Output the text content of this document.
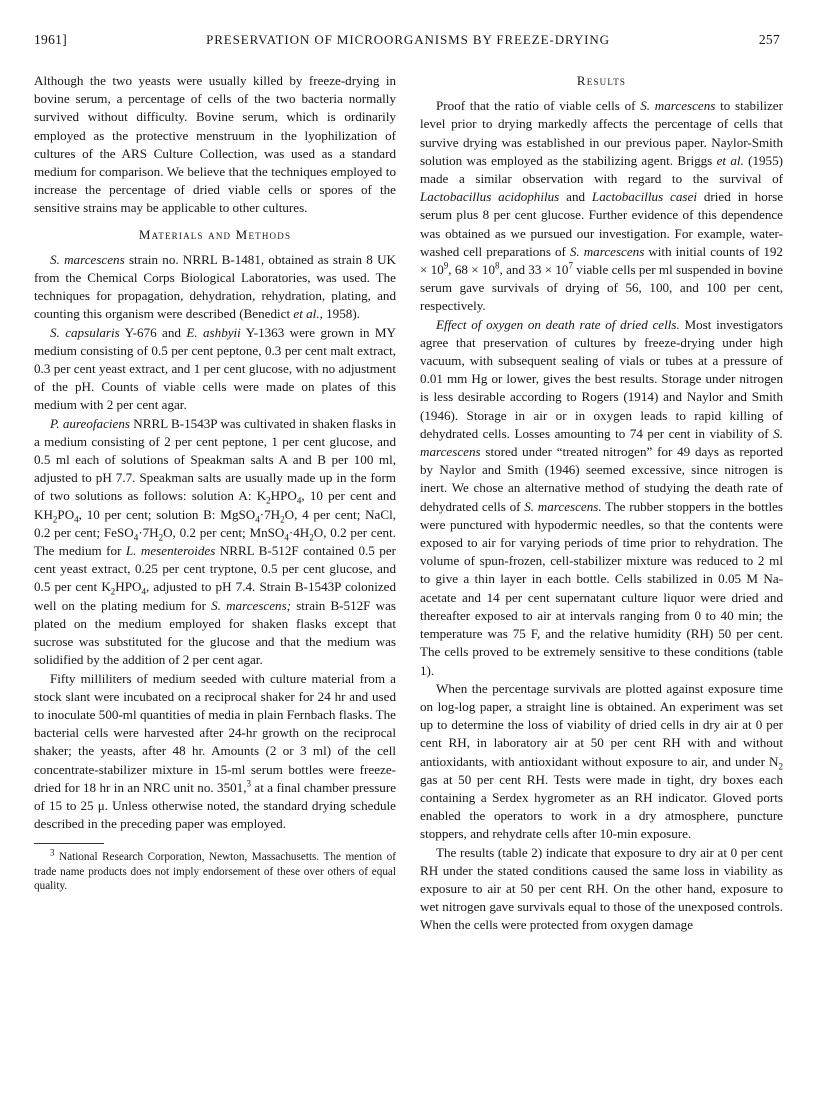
1961]	PRESERVATION OF MICROORGANISMS BY FREEZE-DRYING	257

Although the two yeasts were usually killed by freeze-drying in bovine serum, a percentage of cells of the two bacteria normally survived without difficulty. Bovine serum, which is ordinarily employed as the protective menstruum in the lyophilization of cultures of the ARS Culture Collection, was used as a standard medium for comparison. We believe that the techniques employed to increase the percentage of dried viable cells or spores of the sensitive strains may be applicable to other cultures.

Materials and Methods

S. marcescens strain no. NRRL B-1481, obtained as strain 8 UK from the Chemical Corps Biological Laboratories, was used. The techniques for propagation, dehydration, rehydration, plating, and counting this organism were described (Benedict et al., 1958).

S. capsularis Y-676 and E. ashbyii Y-1363 were grown in MY medium consisting of 0.5 per cent peptone, 0.3 per cent malt extract, 0.3 per cent yeast extract, and 1 per cent glucose, with no adjustment of the pH. Counts of viable cells were made on plates of this medium with 2 per cent agar.

P. aureofaciens NRRL B-1543P was cultivated in shaken flasks in a medium consisting of 2 per cent peptone, 1 per cent glucose, and 0.5 ml each of solutions of Speakman salts A and B per 100 ml, adjusted to pH 7.7. Speakman salts are usually made up in the form of two solutions as follows: solution A: $K_2HPO_4$, 10 per cent and $KH_2PO_4$, 10 per cent; solution B: $MgSO_4\cdot 7H_2O$, 4 per cent; NaCl, 0.2 per cent; $FeSO_4\cdot 7H_2O$, 0.2 per cent; $MnSO_4\cdot 4H_2O$, 0.2 per cent. The medium for L. mesenteroides NRRL B-512F contained 0.5 per cent yeast extract, 0.25 per cent tryptone, 0.5 per cent glucose, and 0.5 per cent $K_2HPO_4$, adjusted to pH 7.4. Strain B-1543P colonized well on the plating medium for S. marcescens; strain B-512F was plated on the medium employed for shaken flasks except that sucrose was substituted for the glucose and that the medium was solidified by the addition of 2 per cent agar.

Fifty milliliters of medium seeded with culture material from a stock slant were incubated on a reciprocal shaker for 24 hr and used to inoculate 500-ml quantities of media in plain Fernbach flasks. The bacterial cells were harvested after 24-hr growth on the reciprocal shaker; the yeasts, after 48 hr. Amounts (2 or 3 ml) of the cell concentrate-stabilizer mixture in 15-ml serum bottles were freeze-dried for 18 hr in an NRC unit no. 3501,$^3$ at a final chamber pressure of 15 to 25 μ. Unless otherwise noted, the standard drying schedule described in the preceding paper was employed.

$^3$ National Research Corporation, Newton, Massachusetts. The mention of trade name products does not imply endorsement of these over others of equal quality.

Results

Proof that the ratio of viable cells of S. marcescens to stabilizer level prior to drying markedly affects the percentage of cells that survive drying was established in our previous paper. Naylor-Smith solution was employed as the stabilizing agent. Briggs et al. (1955) made a similar observation with regard to the survival of Lactobacillus acidophilus and Lactobacillus casei dried in horse serum plus 8 per cent glucose. Further evidence of this dependence was obtained as we pursued our investigation. For example, water-washed cell preparations of S. marcescens with initial counts of $192 \times 10^9$, $68 \times 10^8$, and $33 \times 10^7$ viable cells per ml suspended in bovine serum gave survivals of drying of 56, 100, and 100 per cent, respectively.

Effect of oxygen on death rate of dried cells. Most investigators agree that preservation of cultures by freeze-drying under high vacuum, with subsequent sealing of vials or tubes at a pressure of 0.01 mm Hg or lower, gives the best results. Storage under nitrogen is less desirable according to Rogers (1914) and Naylor and Smith (1946). Storage in air or in oxygen leads to rapid killing of dehydrated cells. Losses amounting to 74 per cent in viability of S. marcescens stored under “treated nitrogen” for 49 days as reported by Naylor and Smith (1946) seemed excessive, since nitrogen is inert. We chose an alternative method of studying the death rate of dehydrated cells of S. marcescens. The rubber stoppers in the bottles were punctured with hypodermic needles, so that the contents were exposed to air for varying periods of time prior to rehydration. The volume of spun-frozen, cell-stabilizer mixture was reduced to 2 ml to give a thin layer in each bottle. Cells stabilized in 0.05 M Na-acetate and 14 per cent supernatant culture liquor were dried and thereafter exposed to air at intervals ranging from 0 to 40 min; the temperature was 75 F, and the relative humidity (RH) 50 per cent. The cells proved to be extremely sensitive to these conditions (table 1).

When the percentage survivals are plotted against exposure time on log-log paper, a straight line is obtained. An experiment was set up to determine the loss of viability of dried cells in dry air at 0 per cent RH, in laboratory air at 50 per cent RH with and without antioxidants, with antioxidant without exposure to air, and under $N_2$ gas at 50 per cent RH. Tests were made in tight, dry boxes each containing a Serdex hygrometer as an RH indicator. Gloved ports enabled the operators to work in a dry atmosphere, puncture stoppers, and rehydrate cells after 10-min exposure.

The results (table 2) indicate that exposure to dry air at 0 per cent RH under the stated conditions caused the same loss in viability as exposure to air at 50 per cent RH. On the other hand, exposure to wet nitrogen gave survivals equal to those of the unexposed controls. When the cells were protected from oxygen damage
